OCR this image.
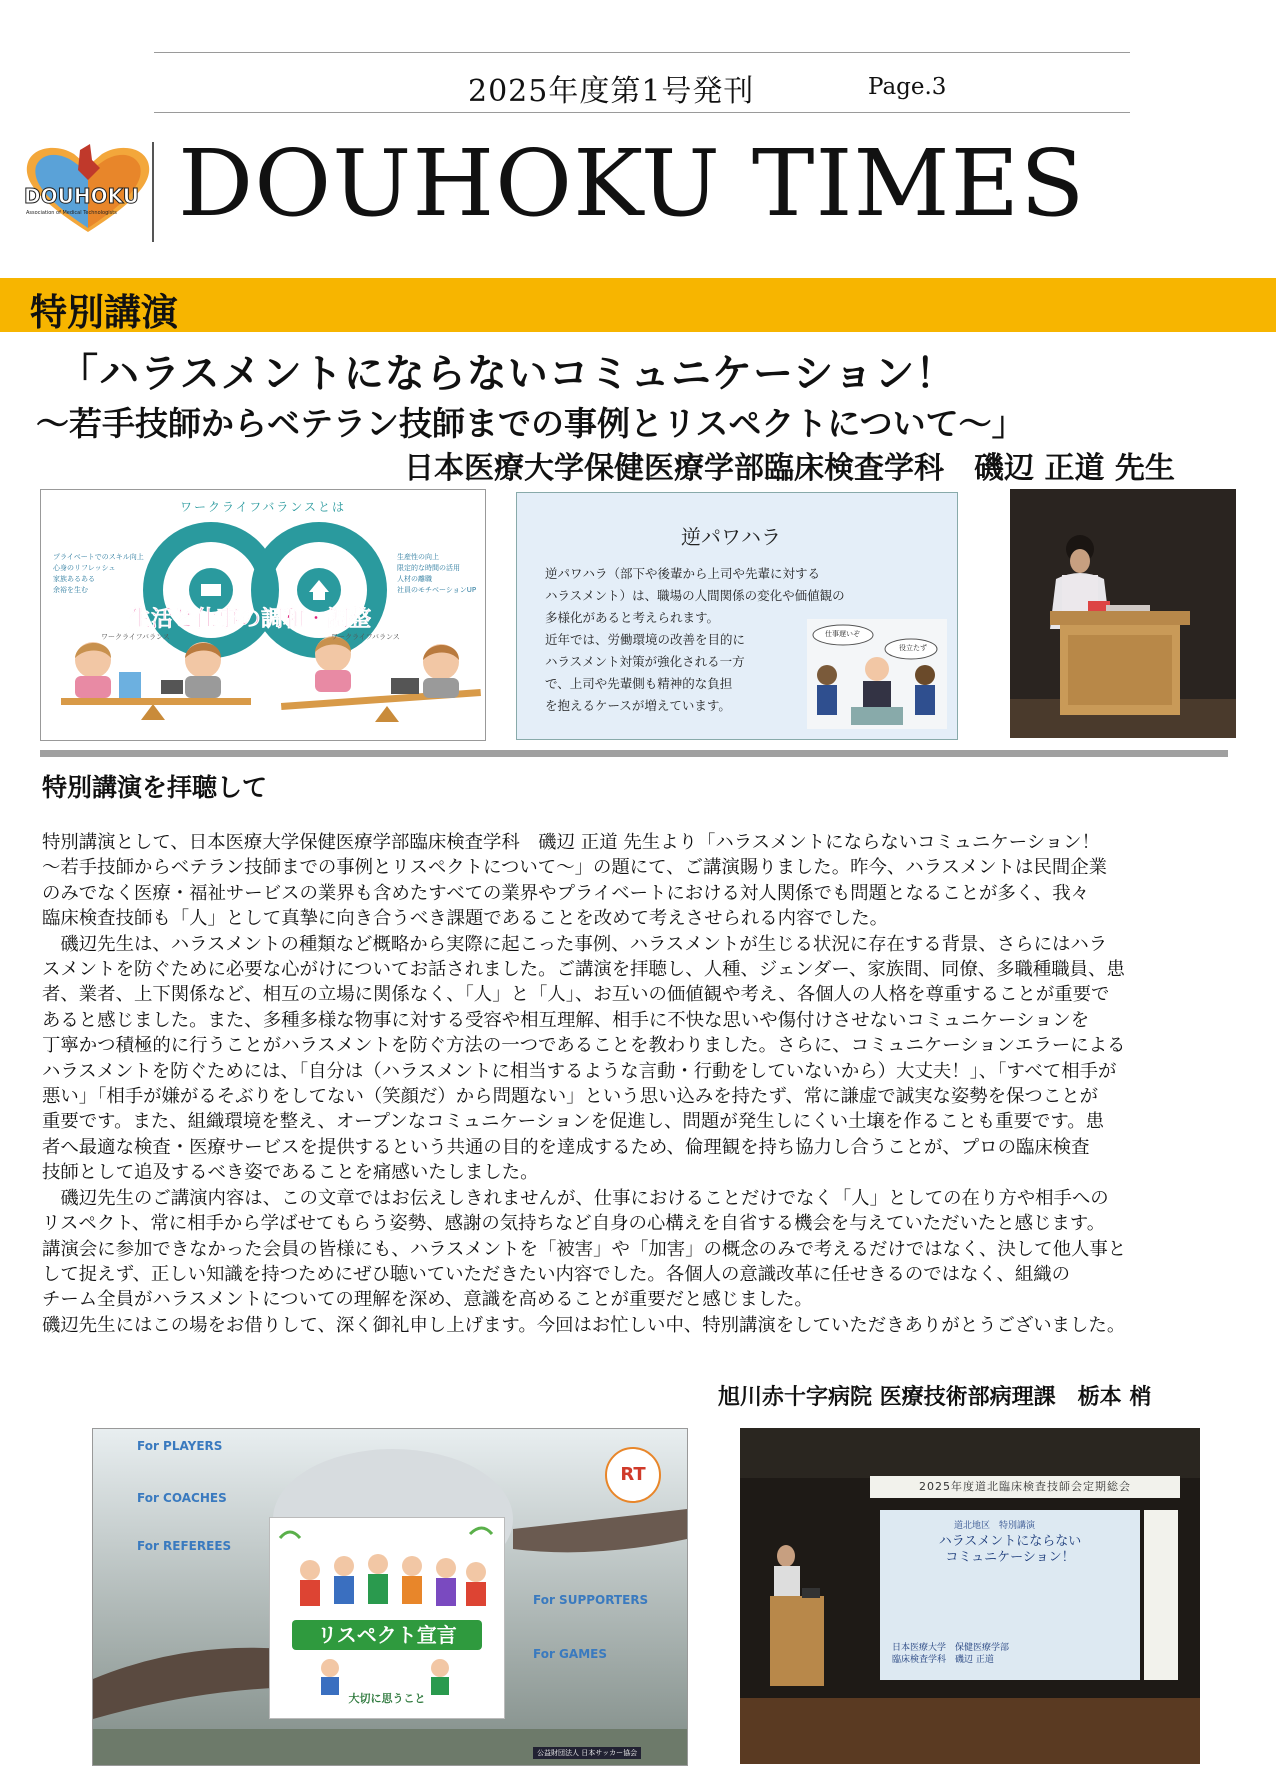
2025年度第1号発刊	Page.3
DOUHOKU
Association of Medical Technologists DOUHOKU TIMES
特別講演
「ハラスメントにならないコミュニケーション！
～若手技師からベテラン技師までの事例とリスペクトについて～」
日本医療大学保健医療学部臨床検査学科　磯辺 正道 先生
ワークライフバランスとは
プライベートでのスキル向上
心身のリフレッシュ
家族あるある
余裕を生む
生産性の向上
限定的な時間の活用
人材の離職
社員のモチベーションUP
生活と仕事の調和・調整
ワークライフバランス	ワークライフバランス
逆パワハラ
逆パワハラ（部下や後輩から上司や先輩に対する
ハラスメント）は、職場の人間関係の変化や価値観の
多様化があると考えられます。
近年では、労働環境の改善を目的に
ハラスメント対策が強化される一方
で、上司や先輩側も精神的な負担
を抱えるケースが増えています。
仕事遅いぞ
役立たず
特別講演を拝聴して
特別講演として、日本医療大学保健医療学部臨床検査学科　磯辺 正道 先生より「ハラスメントにならないコミュニケーション！
～若手技師からベテラン技師までの事例とリスペクトについて～」の題にて、ご講演賜りました。昨今、ハラスメントは民間企業
のみでなく医療・福祉サービスの業界も含めたすべての業界やプライベートにおける対人関係でも問題となることが多く、我々
臨床検査技師も「人」として真摯に向き合うべき課題であることを改めて考えさせられる内容でした。
　磯辺先生は、ハラスメントの種類など概略から実際に起こった事例、ハラスメントが生じる状況に存在する背景、さらにはハラ
スメントを防ぐために必要な心がけについてお話されました。ご講演を拝聴し、人種、ジェンダー、家族間、同僚、多職種職員、患
者、業者、上下関係など、相互の立場に関係なく、「人」と「人」、お互いの価値観や考え、各個人の人格を尊重することが重要で
あると感じました。また、多種多様な物事に対する受容や相互理解、相手に不快な思いや傷付けさせないコミュニケーションを
丁寧かつ積極的に行うことがハラスメントを防ぐ方法の一つであることを教わりました。さらに、コミュニケーションエラーによる
ハラスメントを防ぐためには、「自分は（ハラスメントに相当するような言動・行動をしていないから）大丈夫！」、「すべて相手が
悪い」「相手が嫌がるそぶりをしてない（笑顔だ）から問題ない」という思い込みを持たず、常に謙虚で誠実な姿勢を保つことが
重要です。また、組織環境を整え、オープンなコミュニケーションを促進し、問題が発生しにくい土壌を作ることも重要です。患
者へ最適な検査・医療サービスを提供するという共通の目的を達成するため、倫理観を持ち協力し合うことが、プロの臨床検査
技師として追及するべき姿であることを痛感いたしました。
　磯辺先生のご講演内容は、この文章ではお伝えしきれませんが、仕事におけることだけでなく「人」としての在り方や相手への
リスペクト、常に相手から学ばせてもらう姿勢、感謝の気持ちなど自身の心構えを自省する機会を与えていただいたと感じます。
講演会に参加できなかった会員の皆様にも、ハラスメントを「被害」や「加害」の概念のみで考えるだけではなく、決して他人事と
して捉えず、正しい知識を持つためにぜひ聴いていただきたい内容でした。各個人の意識改革に任せきるのではなく、組織の
チーム全員がハラスメントについての理解を深め、意識を高めることが重要だと感じました。
磯辺先生にはこの場をお借りして、深く御礼申し上げます。今回はお忙しい中、特別講演をしていただきありがとうございました。
旭川赤十字病院 医療技術部病理課　栃本 梢
For PLAYERS
For COACHES
For REFEREES
For SUPPORTERS
For GAMES
RT
リスペクト宣言
大切に思うこと
公益財団法人 日本サッカー協会
2025年度道北臨床検査技師会定期総会
道北地区　特別講演
ハラスメントにならない
コミュニケーション！
日本医療大学　保健医療学部
臨床検査学科　磯辺 正道
